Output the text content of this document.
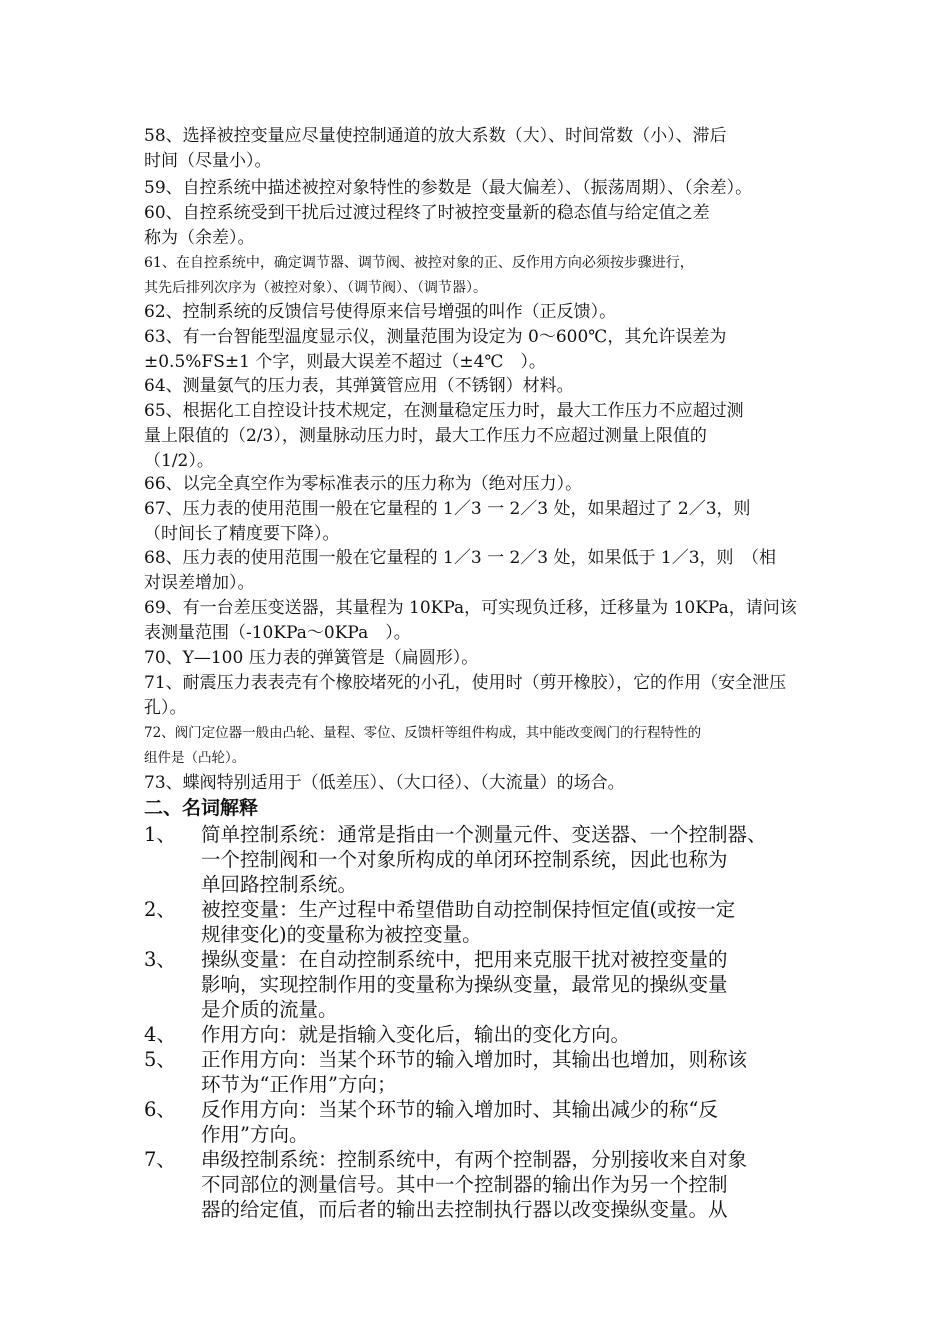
58、选择被控变量应尽量使控制通道的放大系数（大）、时间常数（小）、滞后
时间（尽量小）。
59、自控系统中描述被控对象特性的参数是（最大偏差）、（振荡周期）、（余差）。
60、自控系统受到干扰后过渡过程终了时被控变量新的稳态值与给定值之差
称为（余差）。
61、在自控系统中，确定调节器、调节阀、被控对象的正、反作用方向必须按步骤进行，
其先后排列次序为（被控对象）、（调节阀）、（调节器）。
62、控制系统的反馈信号使得原来信号增强的叫作（正反馈）。
63、有一台智能型温度显示仪，测量范围为设定为 0～600℃，其允许误差为
±0.5%FS±1 个字，则最大误差不超过（±4℃　）。
64、测量氨气的压力表，其弹簧管应用（不锈钢）材料。
65、根据化工自控设计技术规定，在测量稳定压力时，最大工作压力不应超过测
量上限值的（2/3），测量脉动压力时，最大工作压力不应超过测量上限值的
（1/2）。
66、以完全真空作为零标准表示的压力称为（绝对压力）。
67、压力表的使用范围一般在它量程的 1／3 一 2／3 处，如果超过了 2／3，则
（时间长了精度要下降）。
68、压力表的使用范围一般在它量程的 1／3 一 2／3 处，如果低于 1／3，则　（相
对误差增加）。
69、有一台差压变送器，其量程为 10KPa，可实现负迁移，迁移量为 10KPa，请问该
表测量范围（-10KPa～0KPa　）。
70、Y—100 压力表的弹簧管是（扁圆形）。
71、耐震压力表表壳有个橡胶堵死的小孔，使用时（剪开橡胶），它的作用（安全泄压
孔）。
72、阀门定位器一般由凸轮、量程、零位、反馈杆等组件构成，其中能改变阀门的行程特性的
组件是（凸轮）。
73、蝶阀特别适用于（低差压）、（大口径）、（大流量）的场合。
二、名词解释
1、	简单控制系统：通常是指由一个测量元件、变送器、一个控制器、
一个控制阀和一个对象所构成的单闭环控制系统，因此也称为
单回路控制系统。
2、	被控变量：生产过程中希望借助自动控制保持恒定值(或按一定
规律变化)的变量称为被控变量。
3、	操纵变量：在自动控制系统中，把用来克服干扰对被控变量的
影响，实现控制作用的变量称为操纵变量，最常见的操纵变量
是介质的流量。
4、	作用方向：就是指输入变化后，输出的变化方向。
5、	正作用方向：当某个环节的输入增加时，其输出也增加，则称该
环节为“正作用”方向；
6、	反作用方向：当某个环节的输入增加时、其输出减少的称“反
作用”方向。
7、	串级控制系统：控制系统中，有两个控制器，分别接收来自对象
不同部位的测量信号。其中一个控制器的输出作为另一个控制
器的给定值，而后者的输出去控制执行器以改变操纵变量。从
